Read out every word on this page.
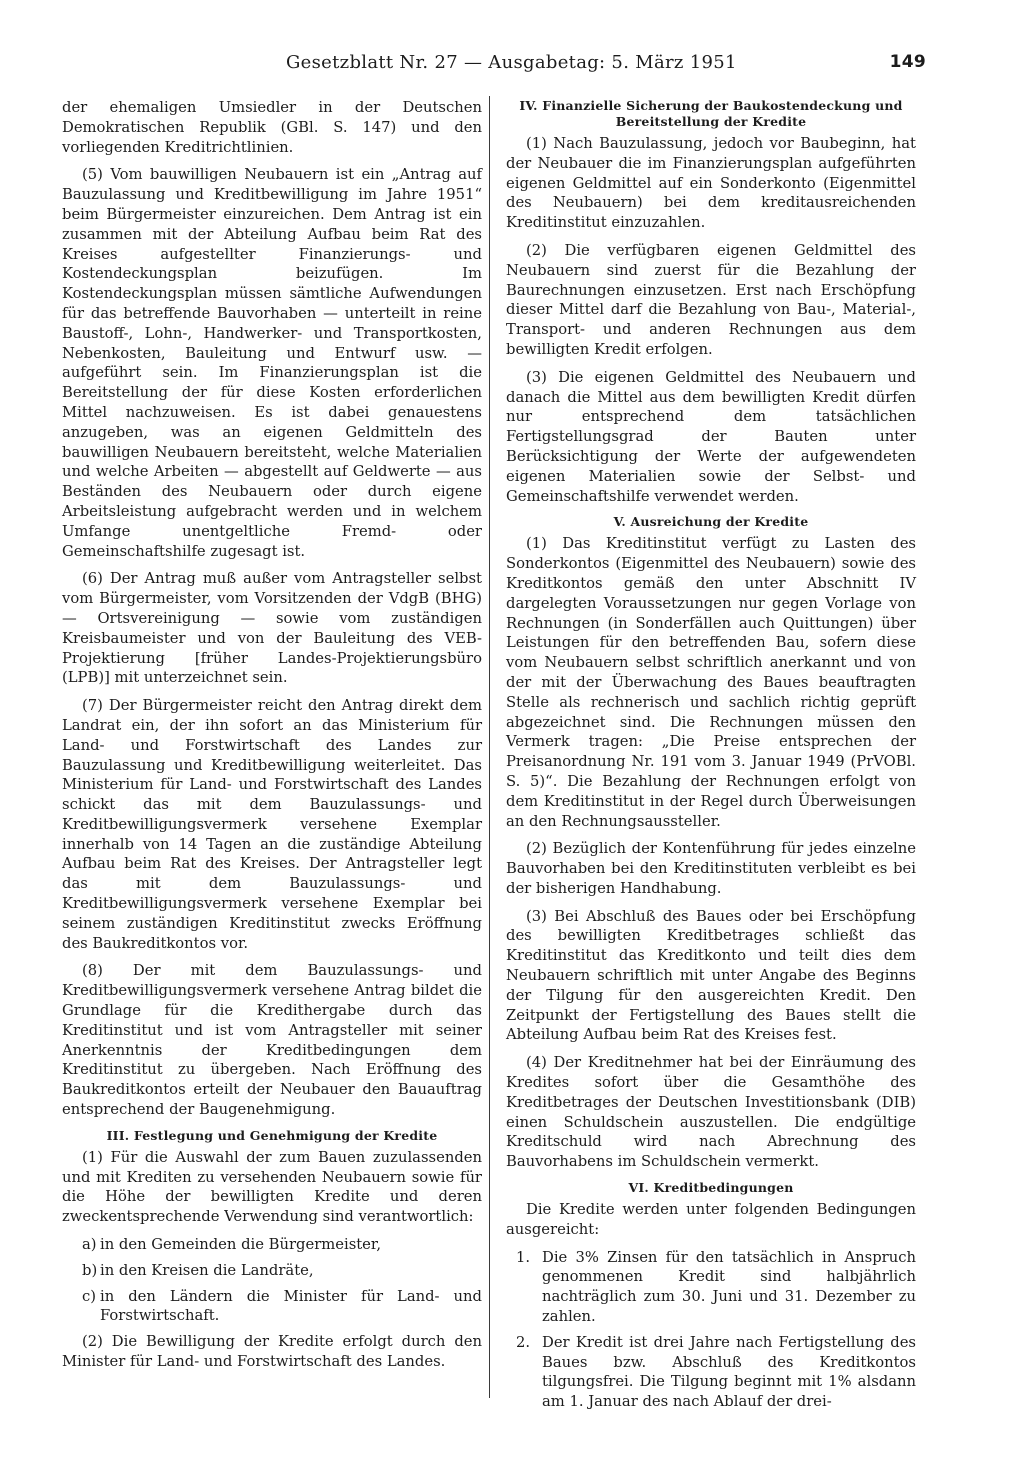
Gesetzblatt Nr. 27 — Ausgabetag: 5. März 1951	149

der ehemaligen Umsiedler in der Deutschen Demokratischen Republik (GBl. S. 147) und den vorliegenden Kreditrichtlinien.

(5) Vom bauwilligen Neubauern ist ein „Antrag auf Bauzulassung und Kreditbewilligung im Jahre 1951“ beim Bürgermeister einzureichen. Dem Antrag ist ein zusammen mit der Abteilung Aufbau beim Rat des Kreises aufgestellter Finanzierungs- und Kostendeckungsplan beizufügen. Im Kostendeckungsplan müssen sämtliche Aufwendungen für das betreffende Bauvorhaben — unterteilt in reine Baustoff-, Lohn-, Handwerker- und Transportkosten, Nebenkosten, Bauleitung und Entwurf usw. — aufgeführt sein. Im Finanzierungsplan ist die Bereitstellung der für diese Kosten erforderlichen Mittel nachzuweisen. Es ist dabei genauestens anzugeben, was an eigenen Geldmitteln des bauwilligen Neubauern bereitsteht, welche Materialien und welche Arbeiten — abgestellt auf Geldwerte — aus Beständen des Neubauern oder durch eigene Arbeitsleistung aufgebracht werden und in welchem Umfange unentgeltliche Fremd- oder Gemeinschaftshilfe zugesagt ist.

(6) Der Antrag muß außer vom Antragsteller selbst vom Bürgermeister, vom Vorsitzenden der VdgB (BHG) — Ortsvereinigung — sowie vom zuständigen Kreisbaumeister und von der Bauleitung des VEB-Projektierung [früher Landes-Projektierungsbüro (LPB)] mit unterzeichnet sein.

(7) Der Bürgermeister reicht den Antrag direkt dem Landrat ein, der ihn sofort an das Ministerium für Land- und Forstwirtschaft des Landes zur Bauzulassung und Kreditbewilligung weiterleitet. Das Ministerium für Land- und Forstwirtschaft des Landes schickt das mit dem Bauzulassungs- und Kreditbewilligungsvermerk versehene Exemplar innerhalb von 14 Tagen an die zuständige Abteilung Aufbau beim Rat des Kreises. Der Antragsteller legt das mit dem Bauzulassungs- und Kreditbewilligungsvermerk versehene Exemplar bei seinem zuständigen Kreditinstitut zwecks Eröffnung des Baukreditkontos vor.

(8) Der mit dem Bauzulassungs- und Kreditbewilligungsvermerk versehene Antrag bildet die Grundlage für die Kredithergabe durch das Kreditinstitut und ist vom Antragsteller mit seiner Anerkenntnis der Kreditbedingungen dem Kreditinstitut zu übergeben. Nach Eröffnung des Baukreditkontos erteilt der Neubauer den Bauauftrag entsprechend der Baugenehmigung.

III. Festlegung und Genehmigung der Kredite

(1) Für die Auswahl der zum Bauen zuzulassenden und mit Krediten zu versehenden Neubauern sowie für die Höhe der bewilligten Kredite und deren zweckentsprechende Verwendung sind verantwortlich:

a) in den Gemeinden die Bürgermeister,
b) in den Kreisen die Landräte,
c) in den Ländern die Minister für Land- und Forstwirtschaft.

(2) Die Bewilligung der Kredite erfolgt durch den Minister für Land- und Forstwirtschaft des Landes.

IV. Finanzielle Sicherung der Baukostendeckung und
Bereitstellung der Kredite

(1) Nach Bauzulassung, jedoch vor Baubeginn, hat der Neubauer die im Finanzierungsplan aufgeführten eigenen Geldmittel auf ein Sonderkonto (Eigenmittel des Neubauern) bei dem kreditausreichenden Kreditinstitut einzuzahlen.

(2) Die verfügbaren eigenen Geldmittel des Neubauern sind zuerst für die Bezahlung der Baurechnungen einzusetzen. Erst nach Erschöpfung dieser Mittel darf die Bezahlung von Bau-, Material-, Transport- und anderen Rechnungen aus dem bewilligten Kredit erfolgen.

(3) Die eigenen Geldmittel des Neubauern und danach die Mittel aus dem bewilligten Kredit dürfen nur entsprechend dem tatsächlichen Fertigstellungsgrad der Bauten unter Berücksichtigung der Werte der aufgewendeten eigenen Materialien sowie der Selbst- und Gemeinschaftshilfe verwendet werden.

V. Ausreichung der Kredite

(1) Das Kreditinstitut verfügt zu Lasten des Sonderkontos (Eigenmittel des Neubauern) sowie des Kreditkontos gemäß den unter Abschnitt IV dargelegten Voraussetzungen nur gegen Vorlage von Rechnungen (in Sonderfällen auch Quittungen) über Leistungen für den betreffenden Bau, sofern diese vom Neubauern selbst schriftlich anerkannt und von der mit der Überwachung des Baues beauftragten Stelle als rechnerisch und sachlich richtig geprüft abgezeichnet sind. Die Rechnungen müssen den Vermerk tragen: „Die Preise entsprechen der Preisanordnung Nr. 191 vom 3. Januar 1949 (PrVOBl. S. 5)“. Die Bezahlung der Rechnungen erfolgt von dem Kreditinstitut in der Regel durch Überweisungen an den Rechnungsaussteller.

(2) Bezüglich der Kontenführung für jedes einzelne Bauvorhaben bei den Kreditinstituten verbleibt es bei der bisherigen Handhabung.

(3) Bei Abschluß des Baues oder bei Erschöpfung des bewilligten Kreditbetrages schließt das Kreditinstitut das Kreditkonto und teilt dies dem Neubauern schriftlich mit unter Angabe des Beginns der Tilgung für den ausgereichten Kredit. Den Zeitpunkt der Fertigstellung des Baues stellt die Abteilung Aufbau beim Rat des Kreises fest.

(4) Der Kreditnehmer hat bei der Einräumung des Kredites sofort über die Gesamthöhe des Kreditbetrages der Deutschen Investitionsbank (DIB) einen Schuldschein auszustellen. Die endgültige Kreditschuld wird nach Abrechnung des Bauvorhabens im Schuldschein vermerkt.

VI. Kreditbedingungen

Die Kredite werden unter folgenden Bedingungen ausgereicht:

1. Die 3% Zinsen für den tatsächlich in Anspruch genommenen Kredit sind halbjährlich nachträglich zum 30. Juni und 31. Dezember zu zahlen.
2. Der Kredit ist drei Jahre nach Fertigstellung des Baues bzw. Abschluß des Kreditkontos tilgungsfrei. Die Tilgung beginnt mit 1% alsdann am 1. Januar des nach Ablauf der drei-
